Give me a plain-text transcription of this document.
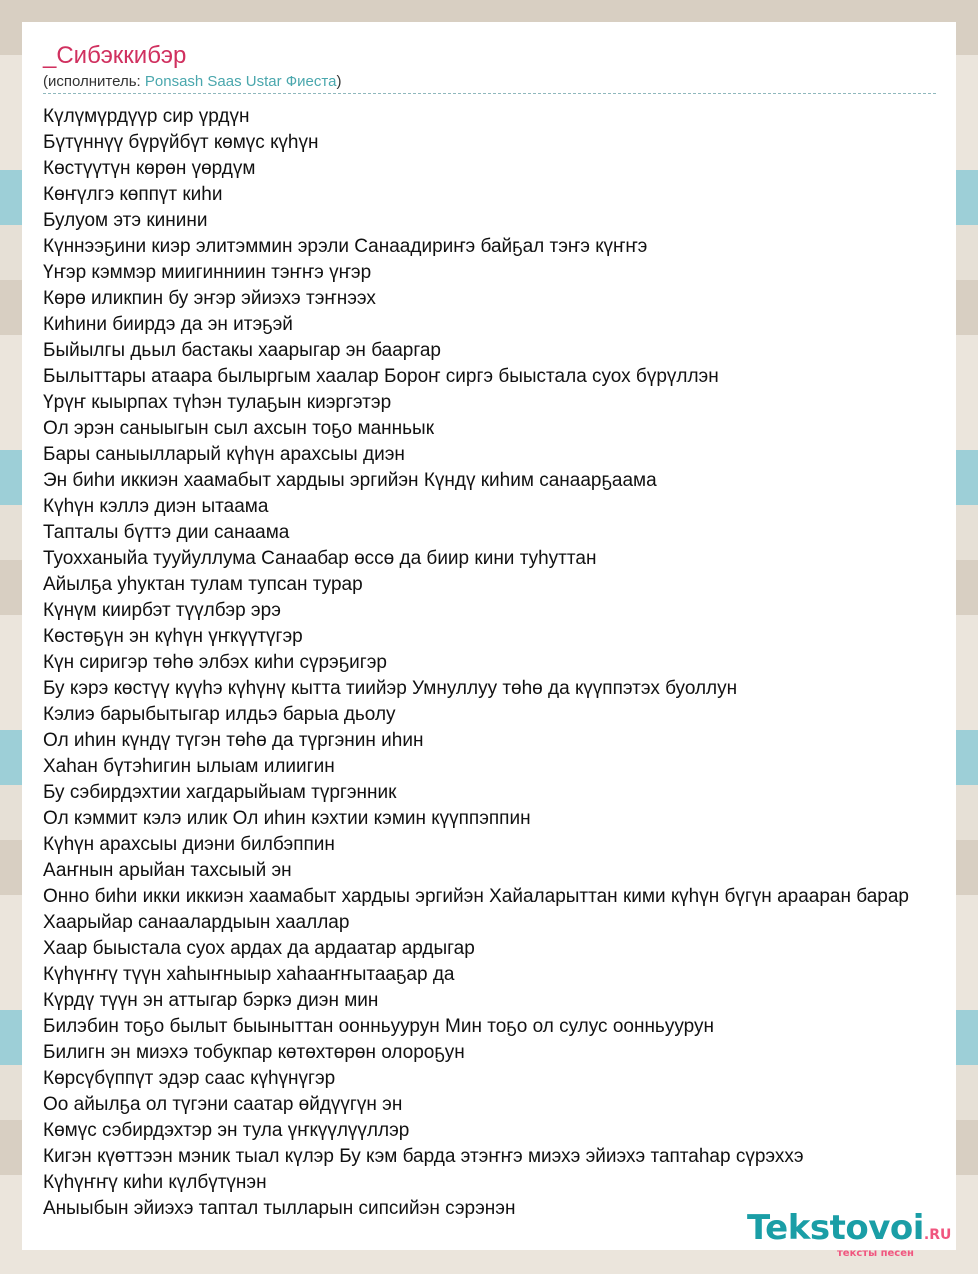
_Сибэккибэр
(исполнитель: Ponsash Saas Ustar Фиеста)
Күлүмүрдүүр сир үрдүн
Бүтүннүү бүрүйбүт көмүс күһүн
Көстүүтүн көрөн үөрдүм
Көҥүлгэ көппүт киһи
Булуом этэ кинини
Күннээҕини киэр элитэммин эрэли Санаадириҥэ байҕал тэҥэ күҥҥэ
Үҥэр кэммэр миигинниин тэҥҥэ үҥэр
Көрө иликпин бу эҥэр эйиэхэ тэҥнээх
Киһини биирдэ да эн итэҕэй
Быйылгы дьыл бастакы хаарыгар эн бааргар
Былыттары атаара былыргым хаалар Бороҥ сиргэ быыстала суох бүрүллэн
Үрүҥ кыырпах түһэн тулаҕын киэргэтэр
Ол эрэн саныыгын сыл ахсын тоҕо манньык
Бары саныылларый күһүн арахсыы диэн
Эн биһи иккиэн хаамабыт хардыы эргийэн Күндү киһим санаарҕаама
Күһүн кэллэ диэн ытаама
Тапталы бүттэ дии санаама
Туохханыйа тууйуллума Санаабар өссө да биир кини туһуттан
Айылҕа уһуктан тулам тупсан турар
Күнүм киирбэт түүлбэр эрэ
Көстөҕүн эн күһүн үҥкүүтүгэр
Күн сиригэр төһө элбэх киһи сүрэҕигэр
Бу кэрэ көстүү күүһэ күһүнү кытта тиийэр Умнуллуу төһө да күүппэтэх буоллун
Кэлиэ барыбытыгар илдьэ барыа дьолу
Ол иһин күндү түгэн төһө да түргэнин иһин
Хаһан бүтэһигин ылыам илиигин
Бу сэбирдэхтии хагдарыйыам түргэнник
Ол кэммит кэлэ илик Ол иһин кэхтии кэмин күүппэппин
Күһүн арахсыы диэни билбэппин
Ааҥнын арыйан тахсыый эн
Онно биһи икки иккиэн хаамабыт хардыы эргийэн Хайаларыттан кими күһүн бүгүн арааран барар
Хаарыйар санаалардыын хааллар
Хаар быыстала суох ардах да ардаатар ардыгар
Күһүҥҥү түүн хаһыҥныыр хаһааҥҥытааҕар да
Күрдү түүн эн аттыгар бэркэ диэн мин
Билэбин тоҕо былыт быыныттан оонньуурун Мин тоҕо ол сулус оонньуурун
Билигн эн миэхэ тобукпар көтөхтөрөн олороҕун
Көрсүбүппүт эдэр саас күһүнүгэр
Оо айылҕа ол түгэни саатар өйдүүгүн эн
Көмүс сэбирдэхтэр эн тула үҥкүүлүүллэр
Кигэн күөттээн мэник тыал күлэр Бу кэм барда этэҥҥэ миэхэ эйиэхэ таптаһар сүрэххэ
Күһүҥҥү киһи күлбүтүнэн
Аныыбын эйиэхэ таптал тылларын сипсийэн сэрэнэн	Tekstovoi.RU
тексты песен
